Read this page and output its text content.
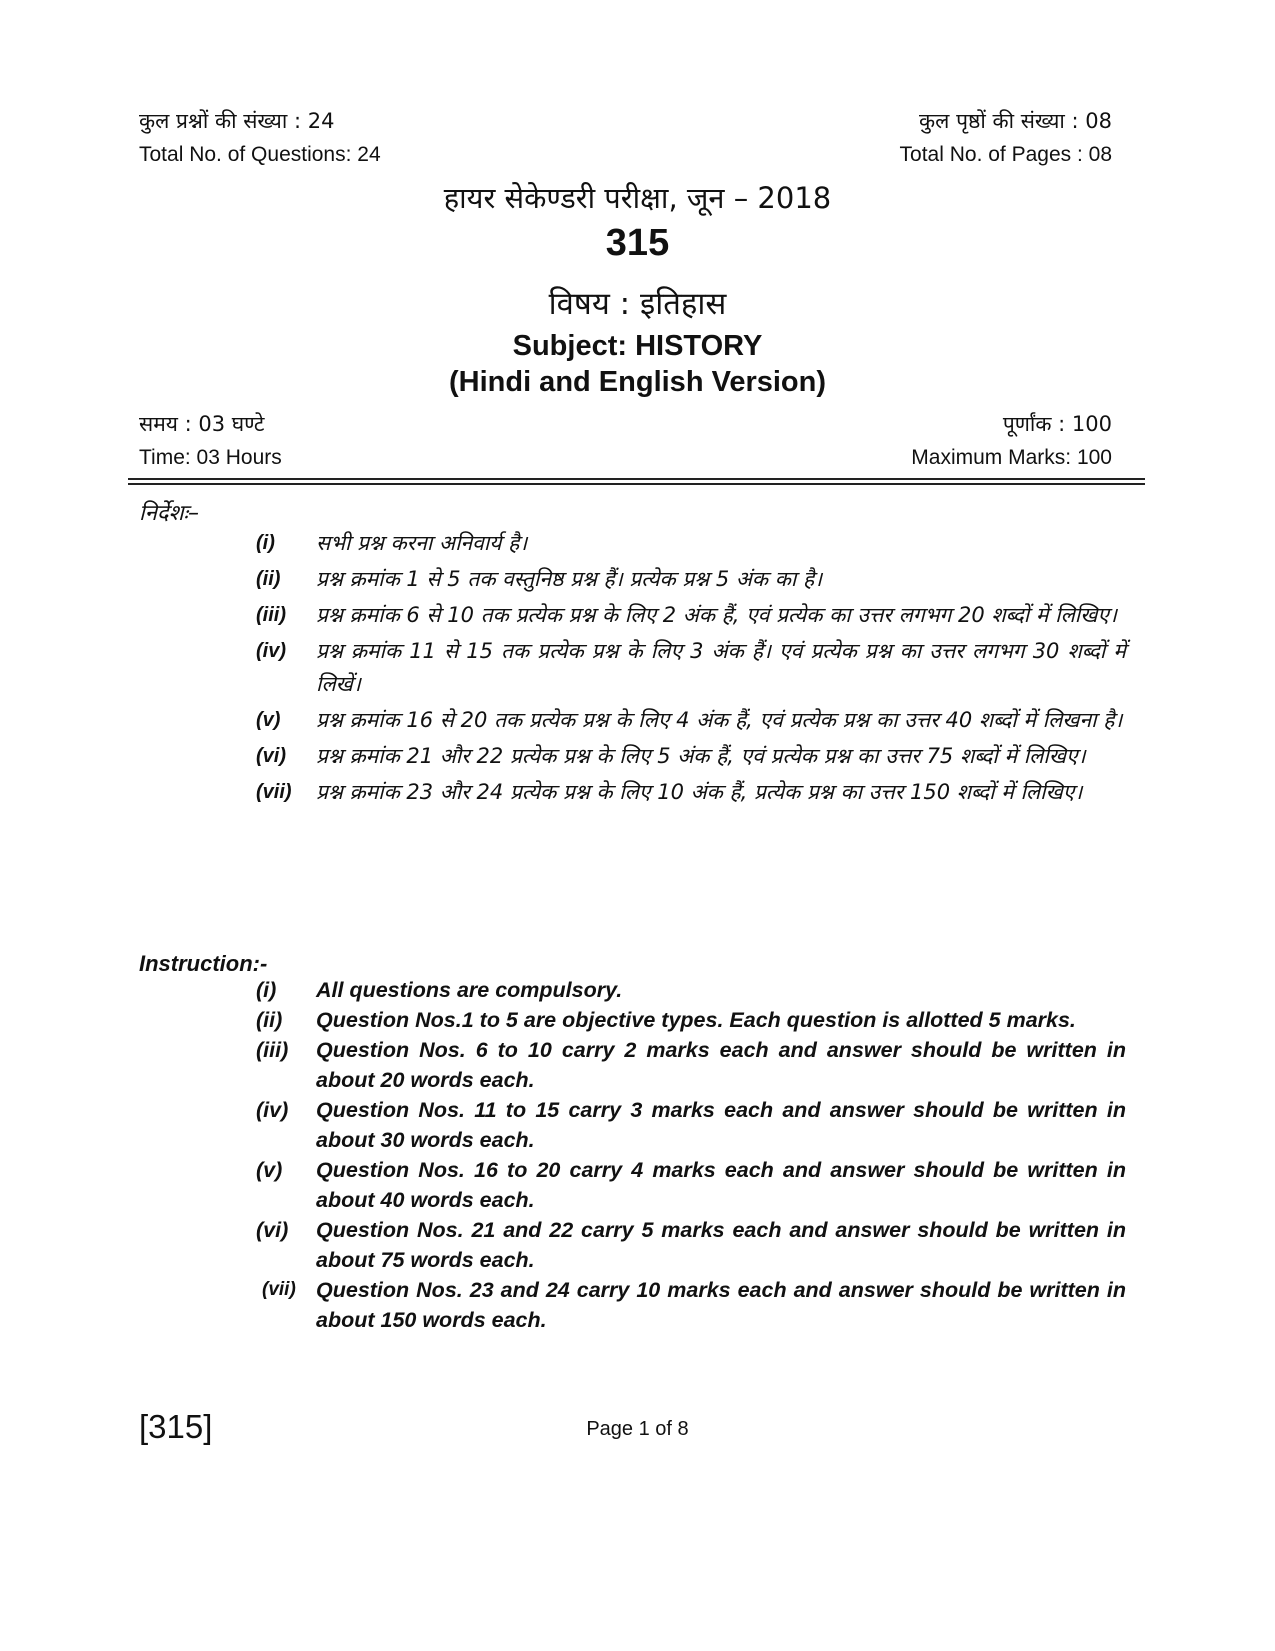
कुल प्रश्नों की संख्या : 24
Total No. of Questions: 24
कुल पृष्ठों की संख्या : 08
Total No. of Pages : 08
हायर सेकेण्डरी परीक्षा, जून – 2018
315
विषय : इतिहास
Subject: HISTORY
(Hindi and English Version)
समय : 03 घण्टे
Time: 03 Hours
पूर्णांक : 100
Maximum Marks: 100
निर्देशः–
(i) सभी प्रश्न करना अनिवार्य है।
(ii) प्रश्न क्रमांक 1 से 5 तक वस्तुनिष्ठ प्रश्न हैं। प्रत्येक प्रश्न 5 अंक का है।
(iii) प्रश्न क्रमांक 6 से 10 तक प्रत्येक प्रश्न के लिए 2 अंक हैं, एवं प्रत्येक का उत्तर लगभग 20 शब्दों में लिखिए।
(iv) प्रश्न क्रमांक 11 से 15 तक प्रत्येक प्रश्न के लिए 3 अंक हैं। एवं प्रत्येक प्रश्न का उत्तर लगभग 30 शब्दों में लिखें।
(v) प्रश्न क्रमांक 16 से 20 तक प्रत्येक प्रश्न के लिए 4 अंक हैं, एवं प्रत्येक प्रश्न का उत्तर 40 शब्दों में लिखना है।
(vi) प्रश्न क्रमांक 21 और 22 प्रत्येक प्रश्न के लिए 5 अंक हैं, एवं प्रत्येक प्रश्न का उत्तर 75 शब्दों में लिखिए।
(vii) प्रश्न क्रमांक 23 और 24 प्रत्येक प्रश्न के लिए 10 अंक हैं, प्रत्येक प्रश्न का उत्तर 150 शब्दों में लिखिए।
Instruction:-
(i) All questions are compulsory.
(ii) Question Nos.1 to 5 are objective types. Each question is allotted 5 marks.
(iii) Question Nos. 6 to 10 carry 2 marks each and answer should be written in about 20 words each.
(iv) Question Nos. 11 to 15 carry 3 marks each and answer should be written in about 30 words each.
(v) Question Nos. 16 to 20 carry 4 marks each and answer should be written in about 40 words each.
(vi) Question Nos. 21 and 22 carry 5 marks each and answer should be written in about 75 words each.
(vii) Question Nos. 23 and 24 carry 10 marks each and answer should be written in about 150 words each.
[315]	Page 1 of 8
